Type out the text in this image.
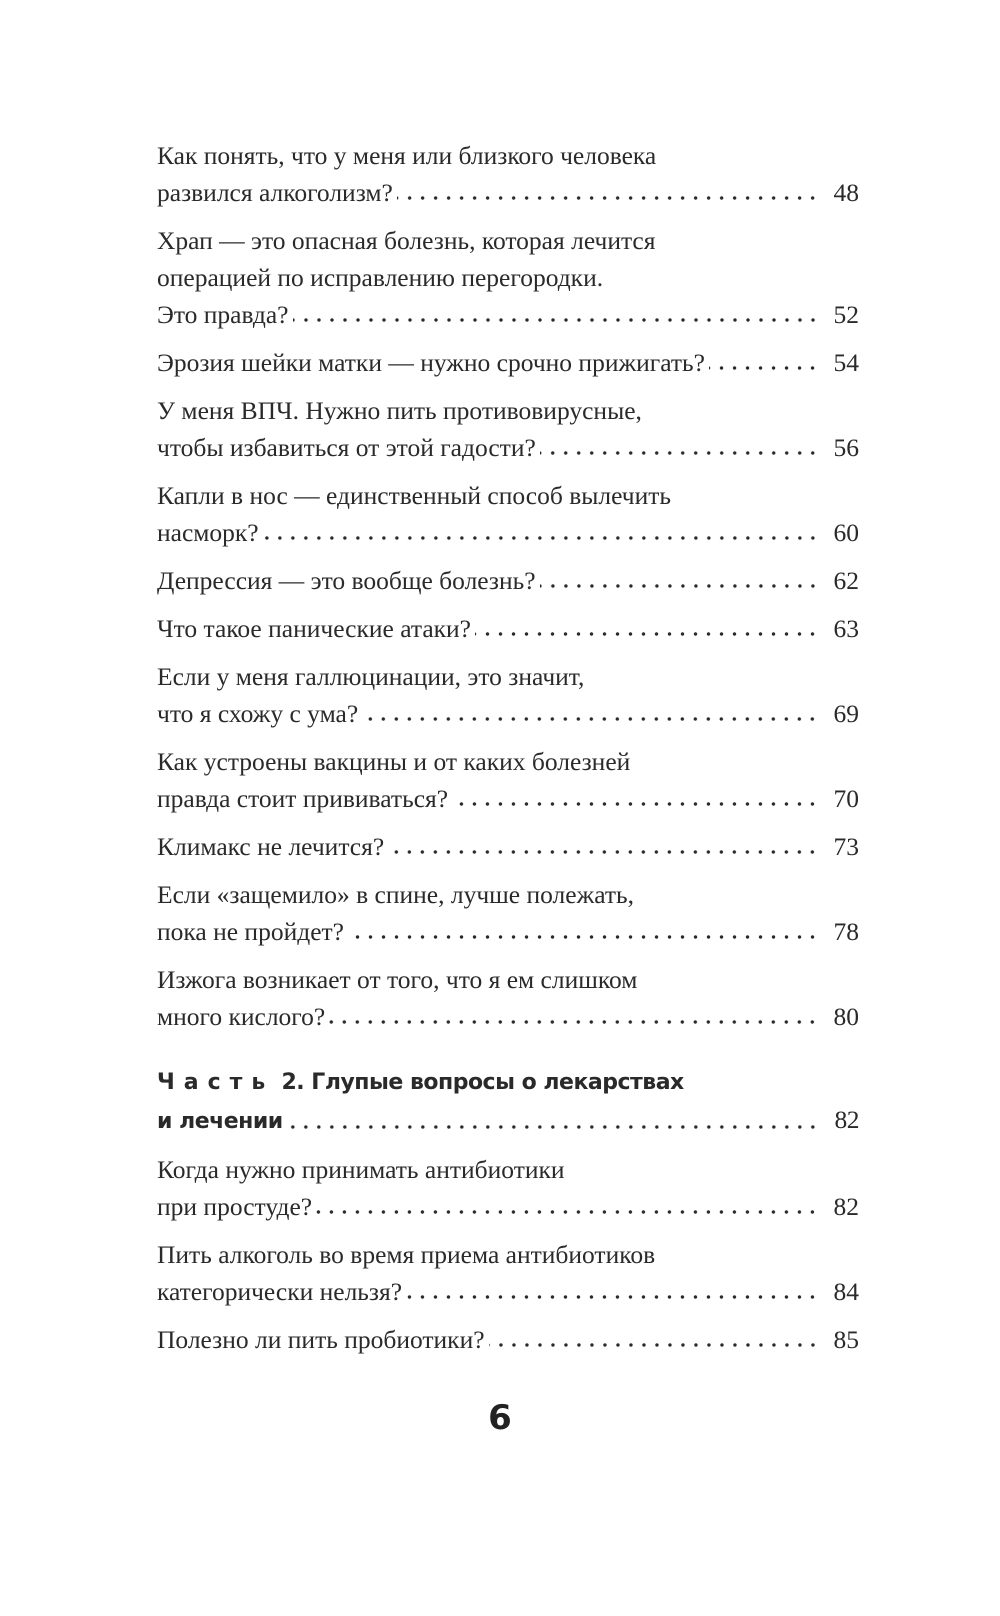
Как понять, что у меня или близкого человека
развился алкоголизм?	48
Храп — это опасная болезнь, которая лечится
операцией по исправлению перегородки.
Это правда?	52
Эрозия шейки матки — нужно срочно прижигать?	54
У меня ВПЧ. Нужно пить противовирусные,
чтобы избавиться от этой гадости?	56
Капли в нос — единственный способ вылечить
насморк?	60
Депрессия — это вообще болезнь?	62
Что такое панические атаки?	63
Если у меня галлюцинации, это значит,
что я схожу с ума?	69
Как устроены вакцины и от каких болезней
правда стоит прививаться?	70
Климакс не лечится?	73
Если «защемило» в спине, лучше полежать,
пока не пройдет?	78
Изжога возникает от того, что я ем слишком
много кислого?	80
Часть 2. Глупые вопросы о лекарствах
и лечении	82
Когда нужно принимать антибиотики
при простуде?	82
Пить алкоголь во время приема антибиотиков
категорически нельзя?	84
Полезно ли пить пробиотики?	85
6
